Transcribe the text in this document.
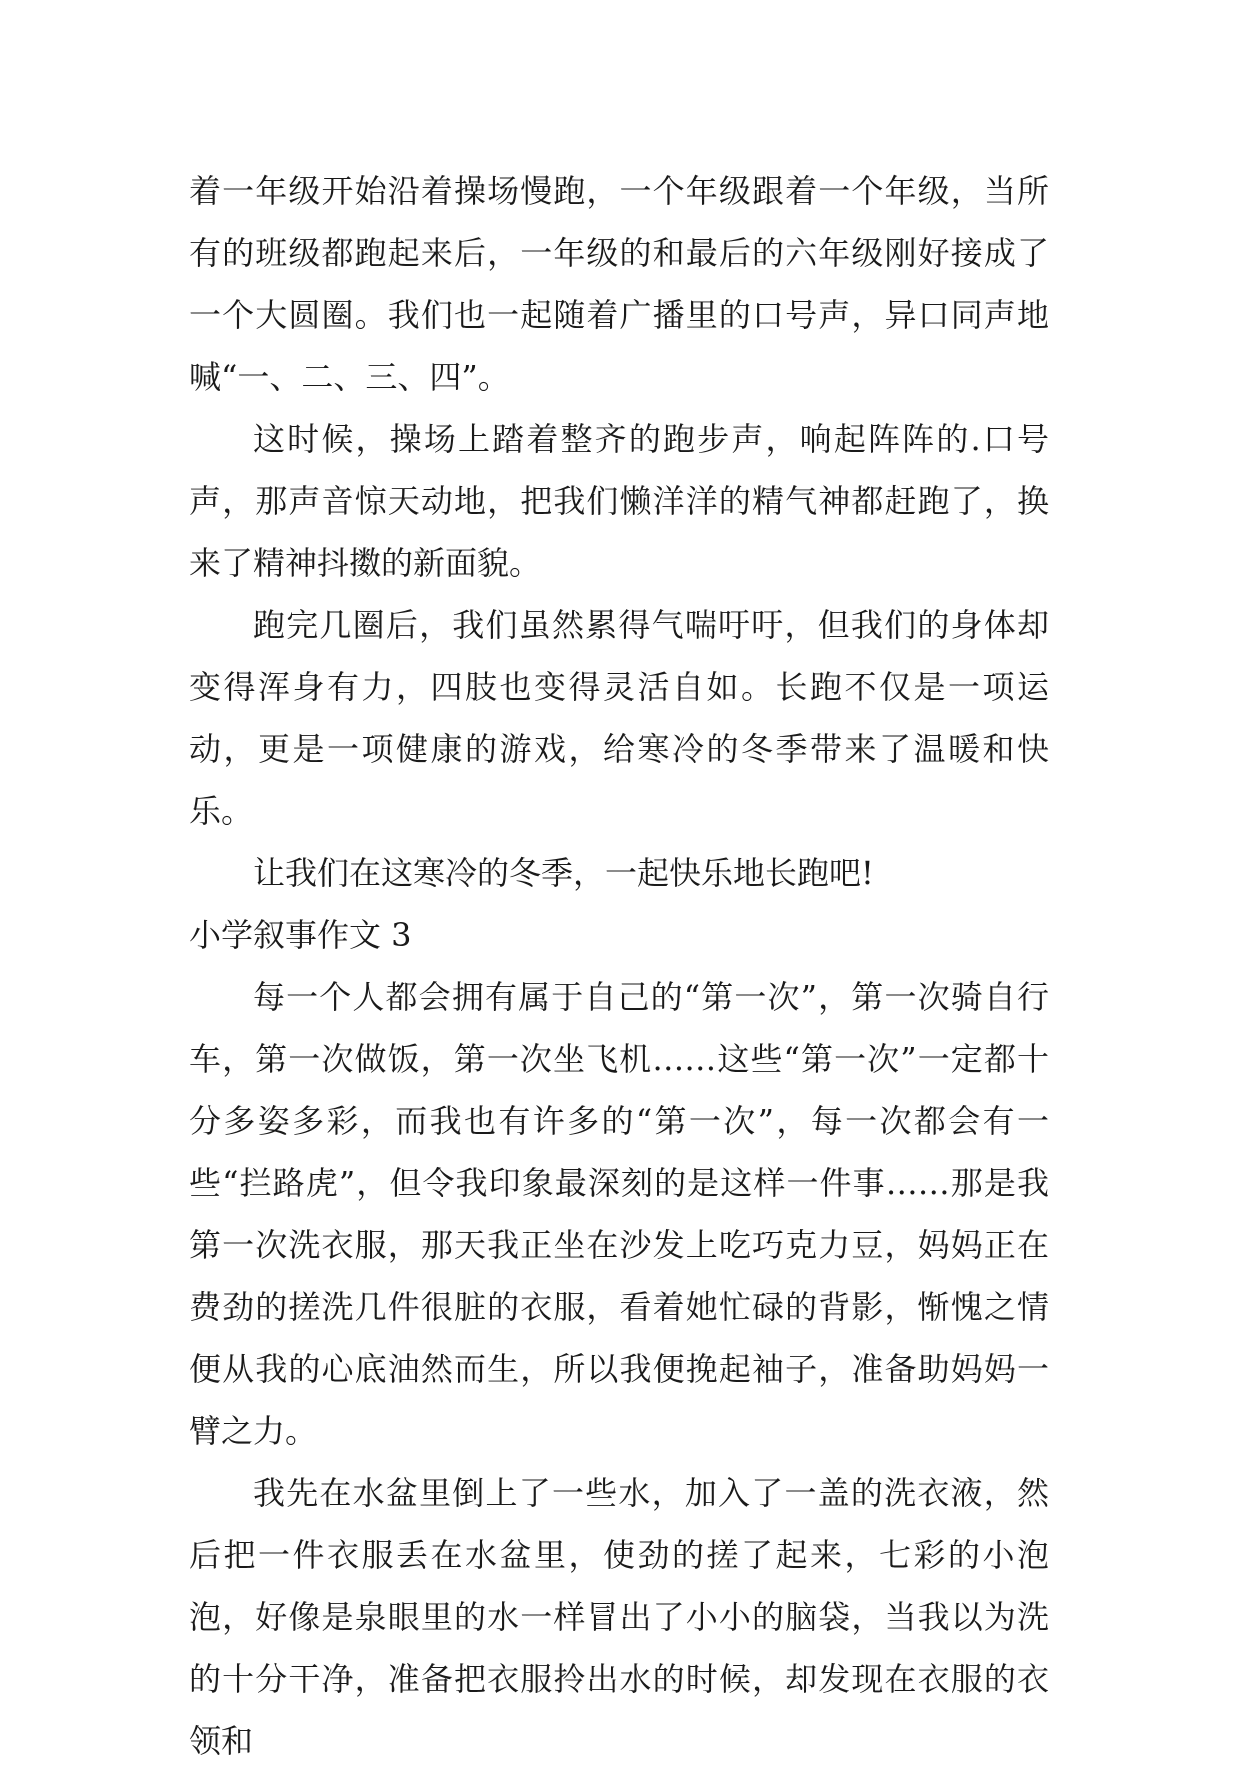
着一年级开始沿着操场慢跑，一个年级跟着一个年级，当所有的班级都跑起来后，一年级的和最后的六年级刚好接成了一个大圆圈。我们也一起随着广播里的口号声，异口同声地喊“一、二、三、四”。

这时候，操场上踏着整齐的跑步声，响起阵阵的.口号声，那声音惊天动地，把我们懒洋洋的精气神都赶跑了，换来了精神抖擞的新面貌。

跑完几圈后，我们虽然累得气喘吁吁，但我们的身体却变得浑身有力，四肢也变得灵活自如。长跑不仅是一项运动，更是一项健康的游戏，给寒冷的冬季带来了温暖和快乐。

让我们在这寒冷的冬季，一起快乐地长跑吧!

小学叙事作文 3

每一个人都会拥有属于自己的“第一次”，第一次骑自行车，第一次做饭，第一次坐飞机……这些“第一次”一定都十分多姿多彩，而我也有许多的“第一次”，每一次都会有一些“拦路虎”，但令我印象最深刻的是这样一件事……那是我第一次洗衣服，那天我正坐在沙发上吃巧克力豆，妈妈正在费劲的搓洗几件很脏的衣服，看着她忙碌的背影，惭愧之情便从我的心底油然而生，所以我便挽起袖子，准备助妈妈一臂之力。

我先在水盆里倒上了一些水，加入了一盖的洗衣液，然后把一件衣服丢在水盆里，使劲的搓了起来，七彩的小泡泡，好像是泉眼里的水一样冒出了小小的脑袋，当我以为洗的十分干净，准备把衣服拎出水的时候，却发现在衣服的衣领和
